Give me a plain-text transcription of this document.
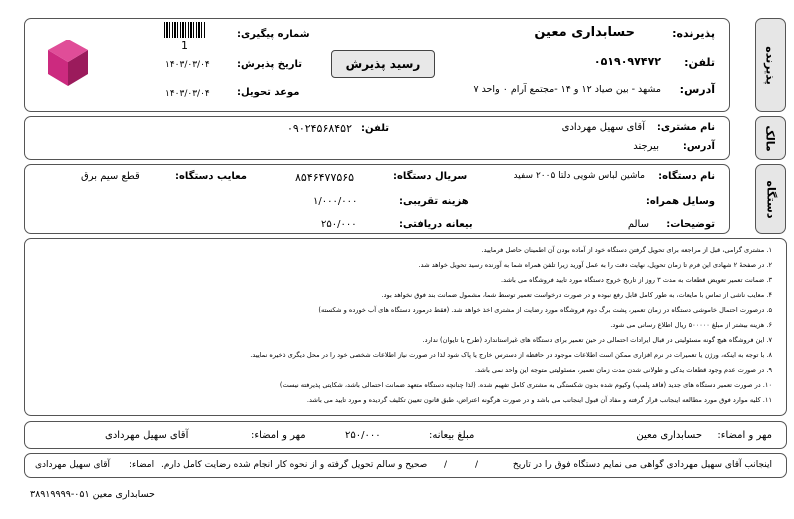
پذیرنده
پذیرنده:
حسابداری معین
تلفن:
۰۵۱۹۰۹۷۴۷۲
آدرس:
مشهد - بین صیاد ۱۲ و ۱۴ -مجتمع آرام ۰ واحد ۷
رسید پذیرش
شماره پیگیری:
تاریخ پذیرش:
موعد تحویل:
1
۱۴۰۳/۰۳/۰۴
۱۴۰۳/۰۳/۰۴
مالک
نام مشتری:
آقای سهیل مهردادی
تلفن:
۰۹۰۲۴۵۶۸۴۵۲
آدرس:
بیرجند
دستگاه
نام دستگاه:
ماشین لباس شویی دلتا ۲۰۰۵ سفید
سریال دستگاه:
۸۵۴۶۴۷۷۵۶۵
معایب دستگاه:
قطع سیم برق
وسایل همراه:
هزینه تقریبی:
۱/۰۰۰/۰۰۰
توضیحات:
سالم
بیعانه دریافتی:
۲۵۰/۰۰۰
۱. مشتری گرامی، قبل از مراجعه برای تحویل گرفتن دستگاه خود از آماده بودن آن اطمینان حاصل فرمایید.
۲. در صفحهٔ ۲ شهادی این فرم تا زمان تحویل، نهایت دقت را به عمل آورید زیرا تلفن همراه شما به آورنده رسید تحویل خواهد شد.
۳. ضمانت تعمیر تعویض قطعات به مدت ۳ روز از تاریخ خروج دستگاه مورد تایید فروشگاه می باشد.
۴. معایب ناشی از تماس با مایعات، به طور کامل قابل رفع نبوده و در صورت درخواست تعمیر توسط شما، مشمول ضمانت بند فوق نخواهد بود.
۵. درصورت احتمال خاموشی دستگاه در زمان تعمیر، پشت برگ دوم فروشگاه مورد رضایت از مشتری اخذ خواهد شد. (فقط درمورد دستگاه های آب خورده و شکسته)
۶. هزینه بیشتر از مبلغ ۵۰۰۰۰۰ ریال اطلاع رسانی می شود.
۷. این فروشگاه هیچ گونه مسئولیتی در قبال ایرادات احتمالی در حین تعمیر برای دستگاه های غیراستاندارد (طرح یا تایوان) ندارد.
۸. با توجه به اینکه، ورژن یا تعمیرات در نرم افزاری ممکن است اطلاعات موجود در حافظه از دسترس خارج یا پاک شود لذا در صورت نیاز اطلاعات شخصی خود را در محل دیگری ذخیره نمایید.
۹. در صورت عدم وجود قطعات یدکی و طولانی شدن مدت زمان تعمیر، مسئولیتی متوجه این واحد نمی باشد.
۱۰. در صورت تعمیر دستگاه های جدید (فاقد پلمپ) وکیوم شده بدون شکستگی به مشتری کامل تفهیم شده. (لذا چنانچه دستگاه متعهد ضمانت احتمالی باشد، شکایتی پذیرفته نیست)
۱۱. کلیه موارد فوق مورد مطالعه اینجانب قرار گرفته و مفاد آن قبول اینجانب می باشد و در صورت هرگونه اعتراض، طبق قانون تعیین تکلیف گردیده و مورد تایید می باشد.
مهر و امضاء:
حسابداری معین
مبلغ بیعانه:
۲۵۰/۰۰۰
مهر و امضاء:
آقای سهیل مهردادی
اینجانب آقای سهیل مهردادی گواهی می نمایم دستگاه فوق را در تاریخ
/
/
صحیح و سالم تحویل گرفته و از نحوه کار انجام شده رضایت کامل دارم.
امضاء:
آقای سهیل مهردادی
حسابداری معین ۰۵۱-۳۸۹۱۹۹۹۹
